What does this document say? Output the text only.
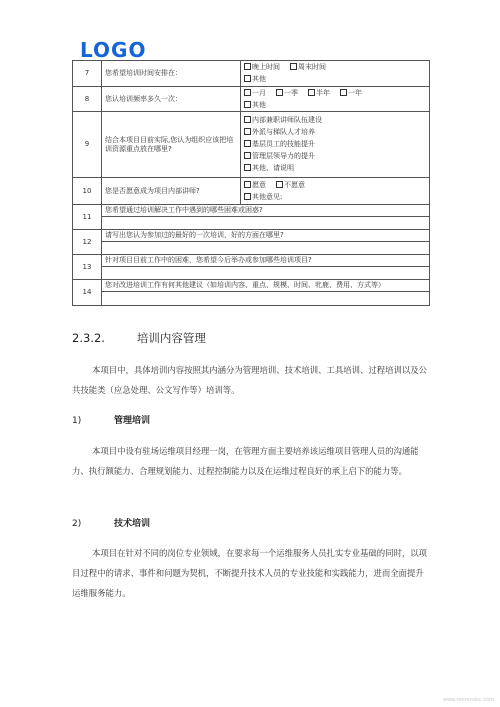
LOGO
7	您希望培训时间安排在：	晚上时间 周末时间
其他

8	您认培训频率多久一次：	一月 一季 半年 一年
其他

9	结合本项目目前实际,您认为组织应该把培训资源重点放在哪里?	内部兼职讲师队伍建设
外派与梯队人才培养
基层员工的技能提升
管理层领导力的提升
其他，请说明

10	您是否愿意成为项目内部讲师?	愿意 不愿意
其他意见:

11	您希望通过培训解决工作中遇到的哪些困难或困惑?	

12	请写出您认为参加过的最好的一次培训，好的方面在哪里?	

13	针对项目目前工作中的困难，您希望今后举办或参加哪些培训项目?	

14	您对改进培训工作有何其他建议（如培训内容、重点、规模、时间、牝鹿、费用、方式等）	

2.3.2.	培训内容管理

本项目中，具体培训内容按照其内涵分为管理培训、技术培训、工具培训、过程培训以及公共技能类（应急处理、公文写作等）培训等。

1)	管理培训

本项目中设有驻场运维项目经理一岗，在管理方面主要培养该运维项目管理人员的沟通能力、执行额能力、合理规划能力、过程控制能力以及在运维过程良好的承上启下的能力等。

2)	技术培训

本项目在针对不同的岗位专业领域，在要求每一个运维服务人员扎实专业基础的同时，以项目过程中的请求、事件和问题为契机，不断提升技术人员的专业技能和实践能力，进而全面提升运维服务能力。

www.renrendoc.com
